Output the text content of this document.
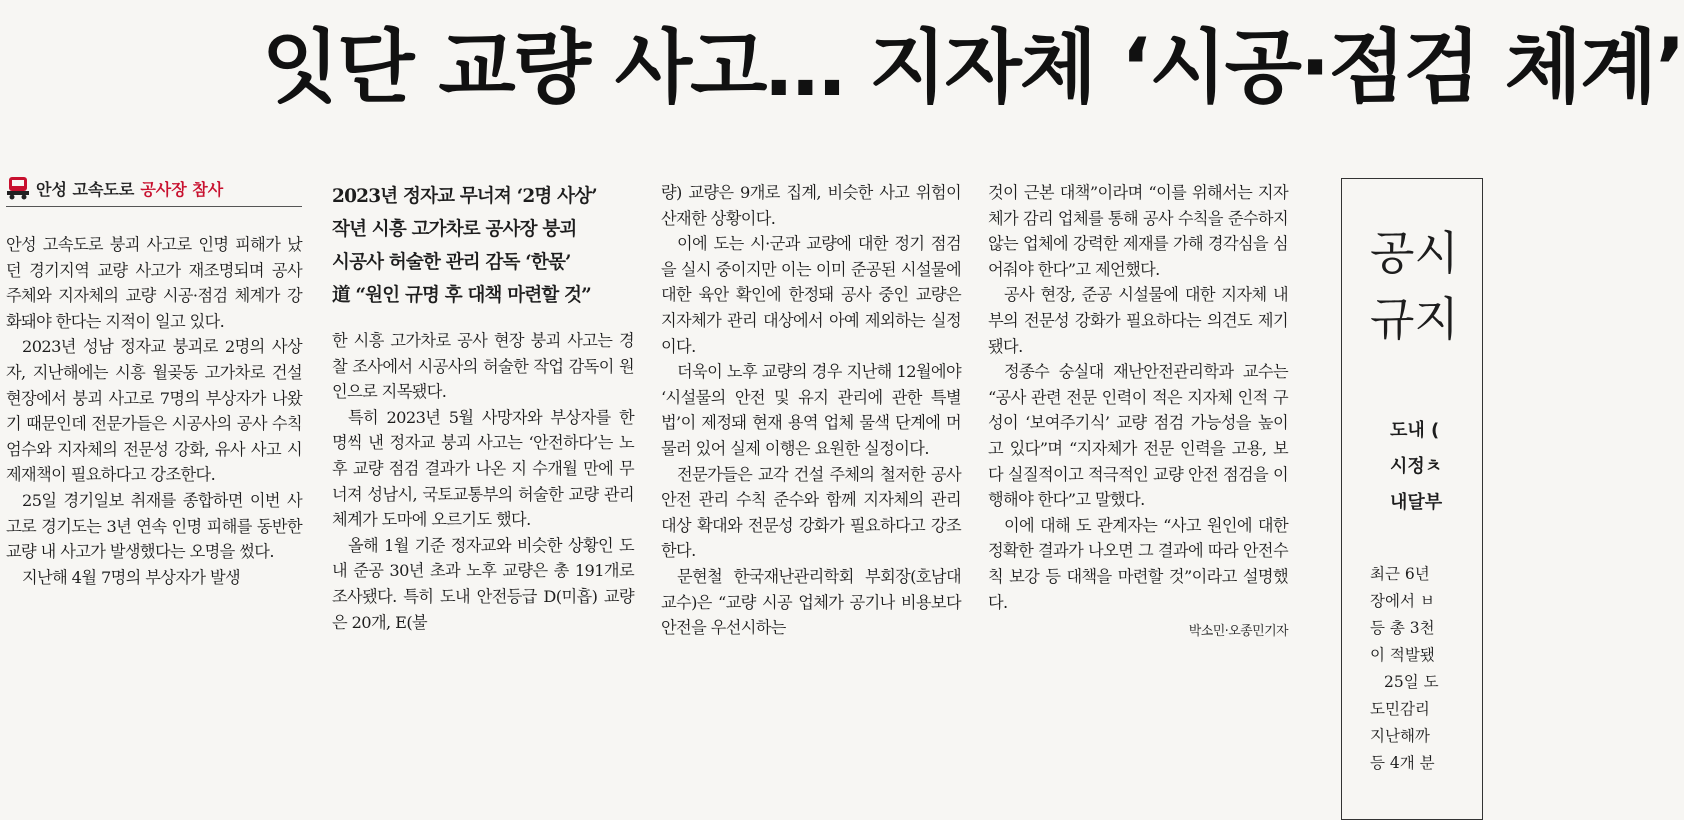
잇단 교량 사고… 지자체 ‘시공·점검 체계’
안성 고속도로 공사장 참사

안성 고속도로 붕괴 사고로 인명 피해가 났던 경기지역 교량 사고가 재조명되며 공사 주체와 지자체의 교량 시공·점검 체계가 강화돼야 한다는 지적이 일고 있다.

2023년 성남 정자교 붕괴로 2명의 사상자, 지난해에는 시흥 월곶동 고가차로 건설 현장에서 붕괴 사고로 7명의 부상자가 나왔기 때문인데 전문가들은 시공사의 공사 수칙 엄수와 지자체의 전문성 강화, 유사 사고 시 제재책이 필요하다고 강조한다.

25일 경기일보 취재를 종합하면 이번 사고로 경기도는 3년 연속 인명 피해를 동반한 교량 내 사고가 발생했다는 오명을 썼다.

지난해 4월 7명의 부상자가 발생

2023년 정자교 무너져 ‘2명 사상’
작년 시흥 고가차로 공사장 붕괴
시공사 허술한 관리 감독 ‘한몫’
道 “원인 규명 후 대책 마련할 것”

한 시흥 고가차로 공사 현장 붕괴 사고는 경찰 조사에서 시공사의 허술한 작업 감독이 원인으로 지목됐다.

특히 2023년 5월 사망자와 부상자를 한 명씩 낸 정자교 붕괴 사고는 ‘안전하다’는 노후 교량 점검 결과가 나온 지 수개월 만에 무너져 성남시, 국토교통부의 허술한 교량 관리 체계가 도마에 오르기도 했다.

올해 1월 기준 정자교와 비슷한 상황인 도내 준공 30년 초과 노후 교량은 총 191개로 조사됐다. 특히 도내 안전등급 D(미흡) 교량은 20개, E(불

량) 교량은 9개로 집계, 비슷한 사고 위험이 산재한 상황이다.

이에 도는 시·군과 교량에 대한 정기 점검을 실시 중이지만 이는 이미 준공된 시설물에 대한 육안 확인에 한정돼 공사 중인 교량은 지자체가 관리 대상에서 아예 제외하는 실정이다.

더욱이 노후 교량의 경우 지난해 12월에야 ‘시설물의 안전 및 유지 관리에 관한 특별법’이 제정돼 현재 용역 업체 물색 단계에 머물러 있어 실제 이행은 요원한 실정이다.

전문가들은 교각 건설 주체의 철저한 공사 안전 관리 수칙 준수와 함께 지자체의 관리 대상 확대와 전문성 강화가 필요하다고 강조한다.

문현철 한국재난관리학회 부회장(호남대 교수)은 “교량 시공 업체가 공기나 비용보다 안전을 우선시하는

것이 근본 대책”이라며 “이를 위해서는 지자체가 감리 업체를 통해 공사 수칙을 준수하지 않는 업체에 강력한 제재를 가해 경각심을 심어줘야 한다”고 제언했다.

공사 현장, 준공 시설물에 대한 지자체 내부의 전문성 강화가 필요하다는 의견도 제기됐다.

정종수 숭실대 재난안전관리학과 교수는 “공사 관련 전문 인력이 적은 지자체 인적 구성이 ‘보여주기식’ 교량 점검 가능성을 높이고 있다”며 “지자체가 전문 인력을 고용, 보다 실질적이고 적극적인 교량 안전 점검을 이행해야 한다”고 말했다.

이에 대해 도 관계자는 “사고 원인에 대한 정확한 결과가 나오면 그 결과에 따라 안전수칙 보강 등 대책을 마련할 것”이라고 설명했다.

박소민·오종민기자
공시
규지
도내 (
시정ㅊ
내달부
최근 6년
장에서 ㅂ
등 총 3천
이 적발됐
25일 도
도민감리
지난해까
등 4개 분
